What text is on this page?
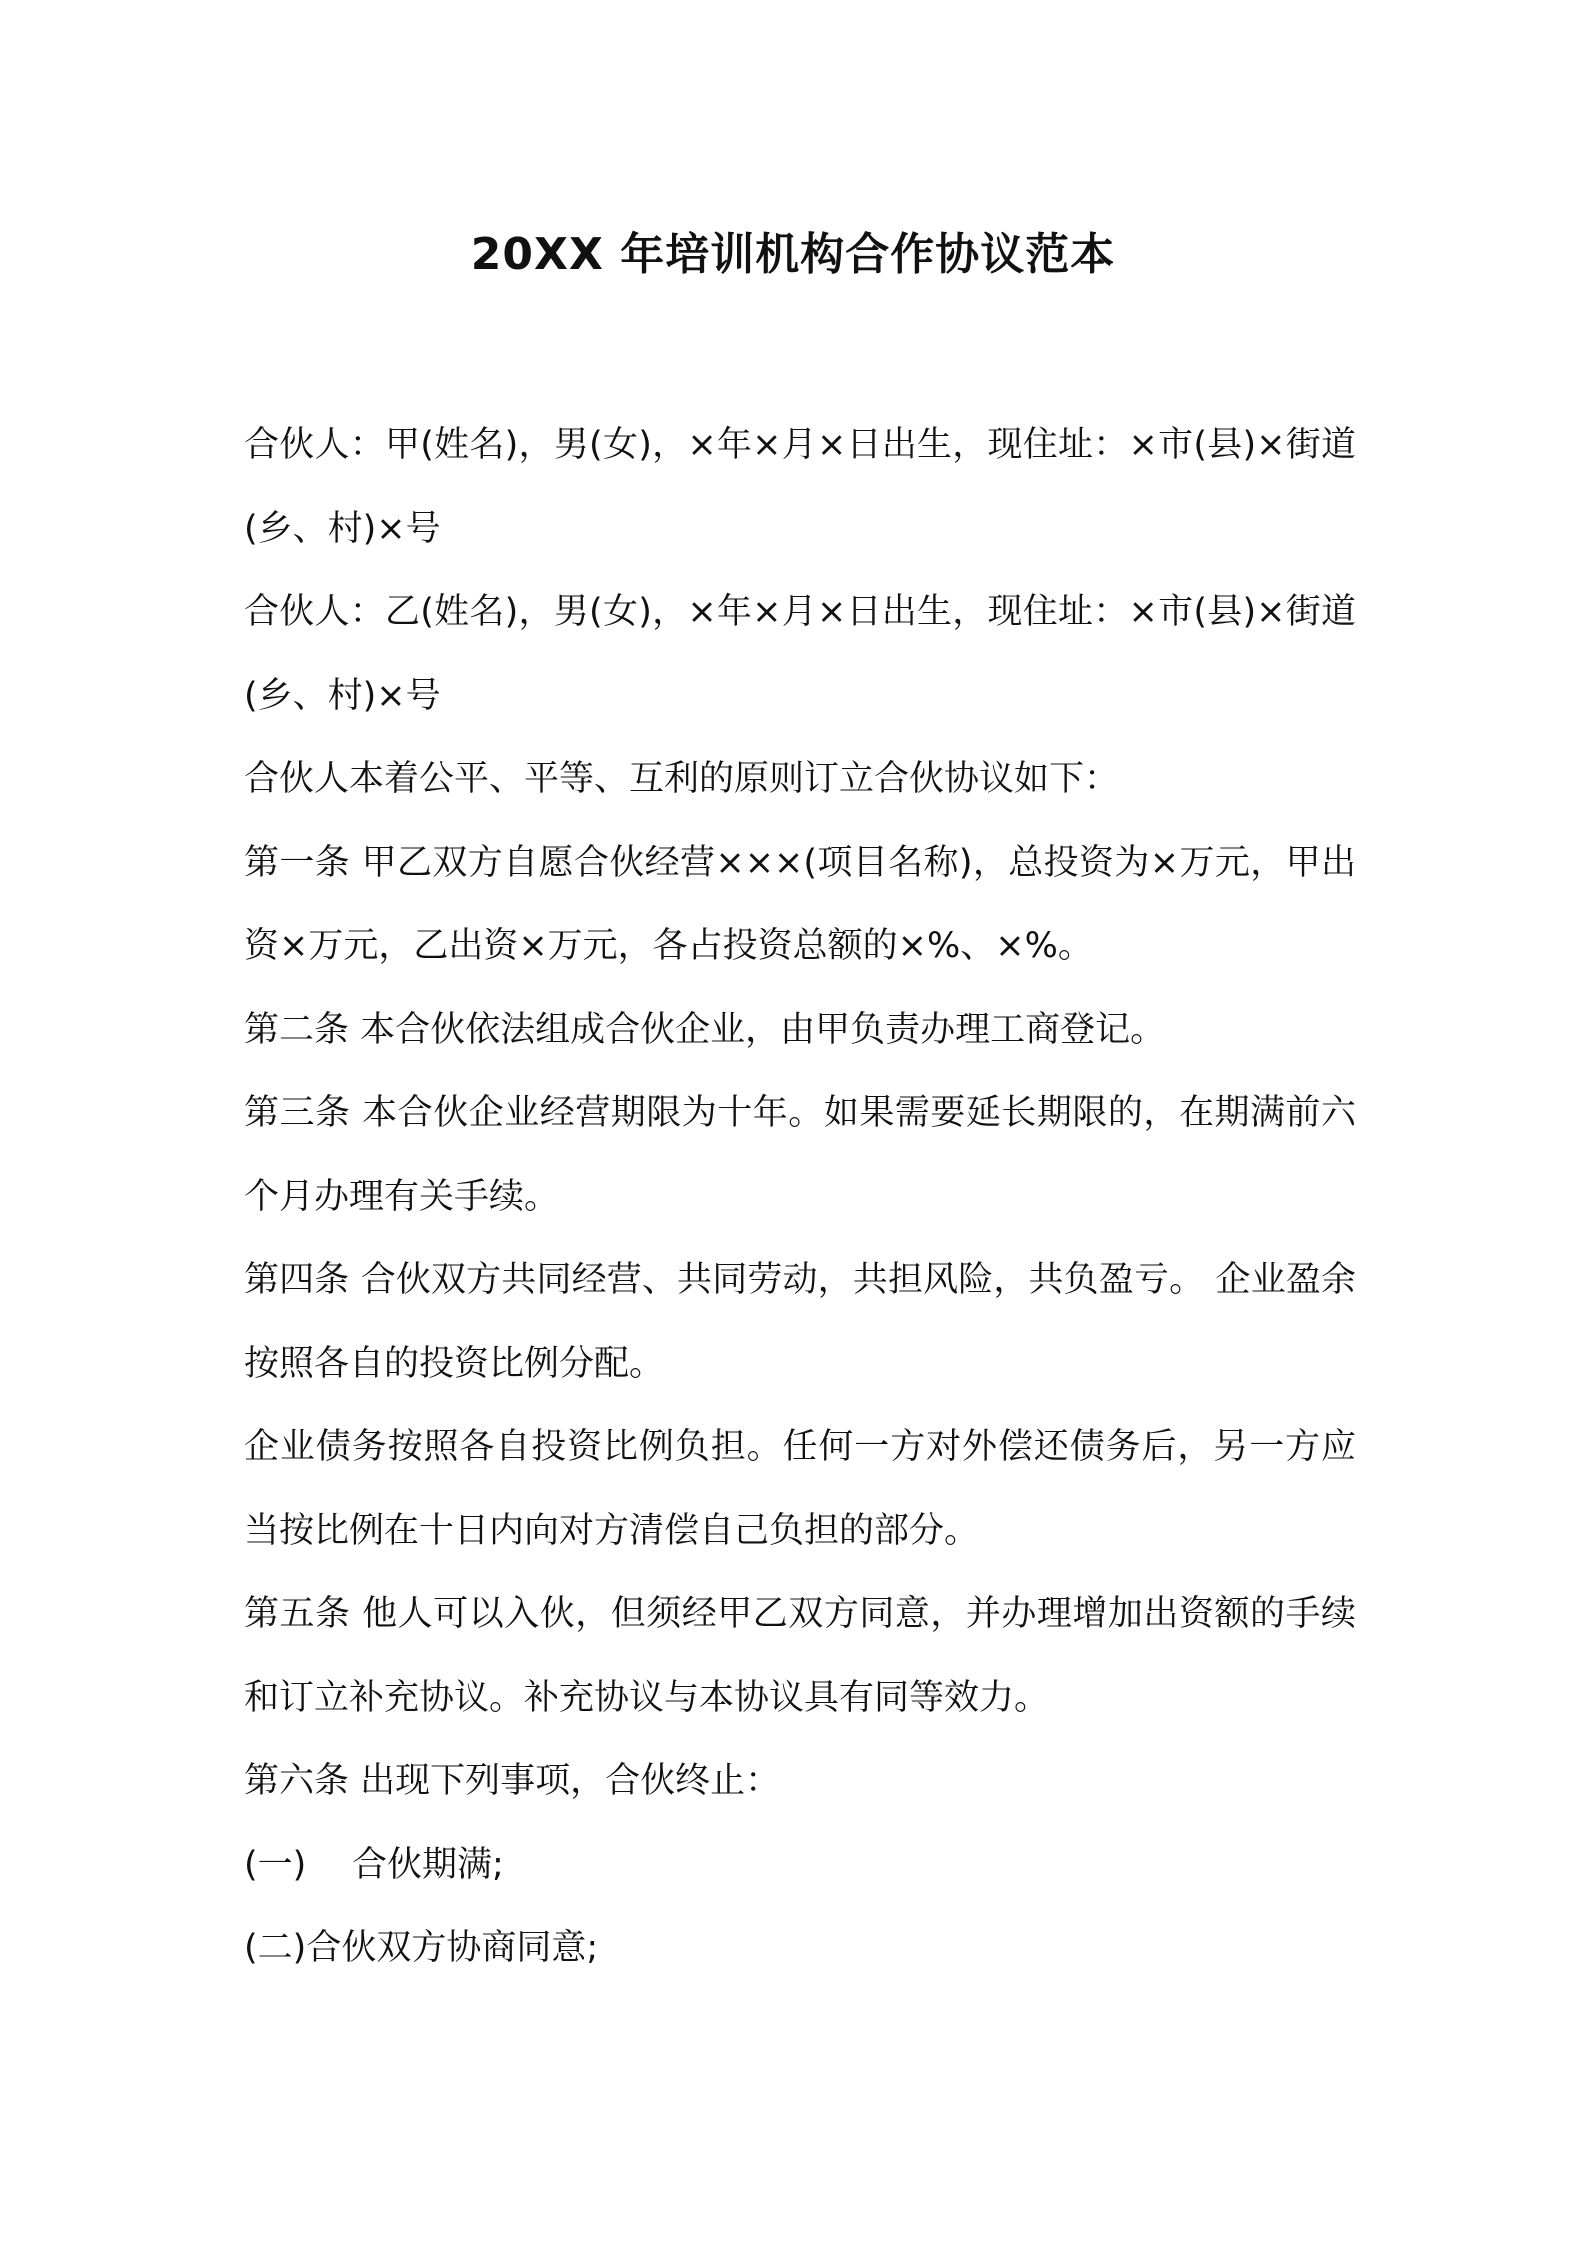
20XX 年培训机构合作协议范本

合伙人：甲(姓名)，男(女)，×年×月×日出生，现住址：×市(县)×街道(乡、村)×号

合伙人：乙(姓名)，男(女)，×年×月×日出生，现住址：×市(县)×街道(乡、村)×号

合伙人本着公平、平等、互利的原则订立合伙协议如下：

第一条 甲乙双方自愿合伙经营×××(项目名称)，总投资为×万元，甲出资×万元，乙出资×万元，各占投资总额的×%、×%。

第二条 本合伙依法组成合伙企业，由甲负责办理工商登记。

第三条 本合伙企业经营期限为十年。如果需要延长期限的，在期满前六个月办理有关手续。

第四条 合伙双方共同经营、共同劳动，共担风险，共负盈亏。 企业盈余按照各自的投资比例分配。

企业债务按照各自投资比例负担。任何一方对外偿还债务后，另一方应当按比例在十日内向对方清偿自己负担的部分。

第五条 他人可以入伙，但须经甲乙双方同意，并办理增加出资额的手续和订立补充协议。补充协议与本协议具有同等效力。

第六条 出现下列事项，合伙终止：

(一) 合伙期满;

(二)合伙双方协商同意;
